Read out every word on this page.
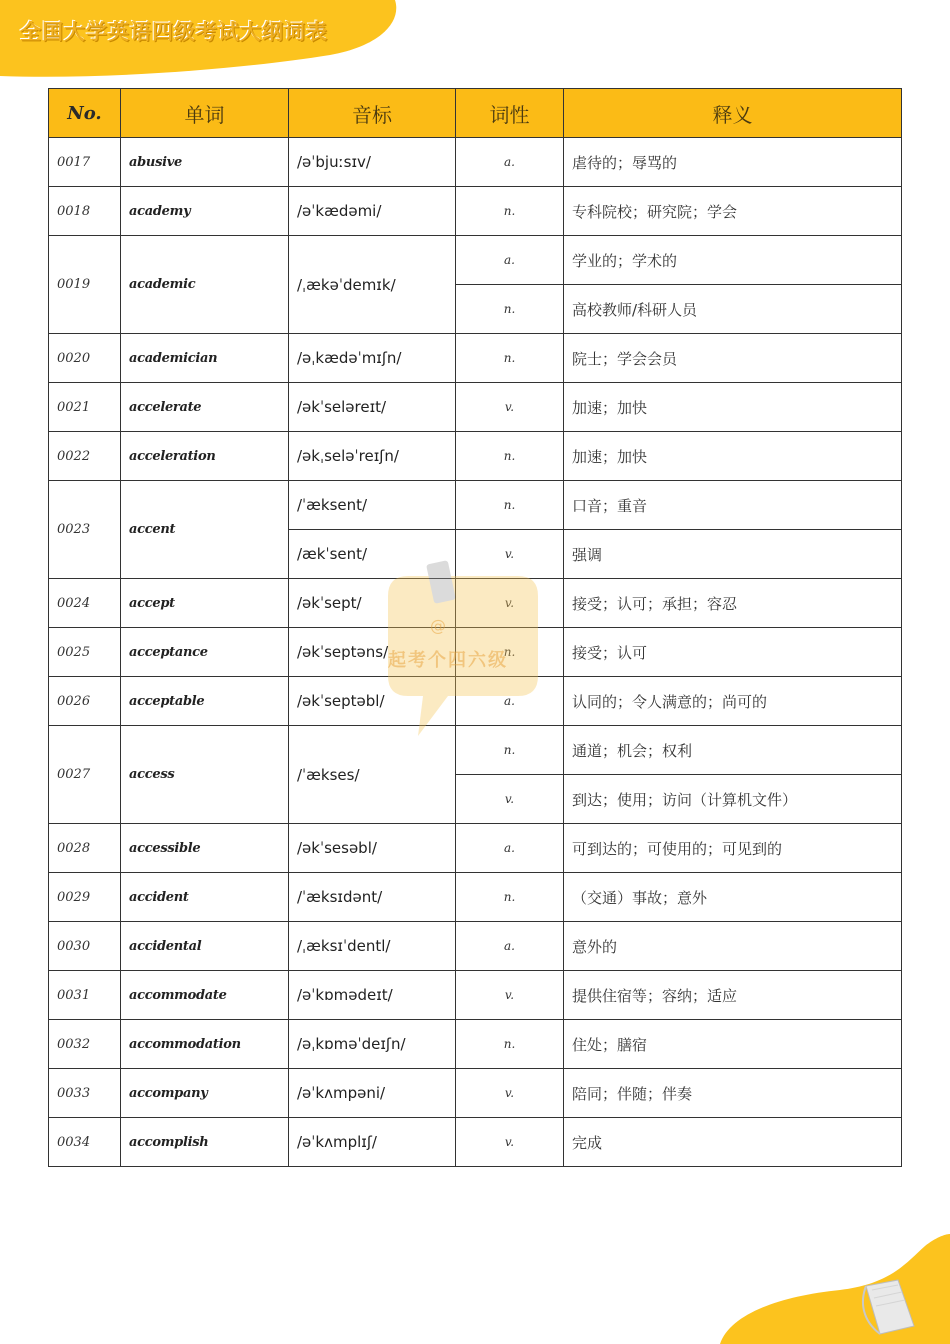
全国大学英语四级考试大纲词表
No.	单词	音标	词性	释义
0017	abusive	/əˈbjuːsɪv/	a.	虐待的；辱骂的
0018	academy	/əˈkædəmi/	n.	专科院校；研究院；学会
0019	academic	/ˌækəˈdemɪk/	a.	学业的；学术的
			n.	高校教师/科研人员
0020	academician	/əˌkædəˈmɪʃn/	n.	院士；学会会员
0021	accelerate	/əkˈseləreɪt/	v.	加速；加快
0022	acceleration	/əkˌseləˈreɪʃn/	n.	加速；加快
0023	accent	/ˈæksent/	n.	口音；重音
		/ækˈsent/	v.	强调
0024	accept	/əkˈsept/	v.	接受；认可；承担；容忍
0025	acceptance	/əkˈseptəns/	n.	接受；认可
0026	acceptable	/əkˈseptəbl/	a.	认同的；令人满意的；尚可的
0027	access	/ˈækses/	n.	通道；机会；权利
			v.	到达；使用；访问（计算机文件）
0028	accessible	/əkˈsesəbl/	a.	可到达的；可使用的；可见到的
0029	accident	/ˈæksɪdənt/	n.	（交通）事故；意外
0030	accidental	/ˌæksɪˈdentl/	a.	意外的
0031	accommodate	/əˈkɒmədeɪt/	v.	提供住宿等；容纳；适应
0032	accommodation	/əˌkɒməˈdeɪʃn/	n.	住处；膳宿
0033	accompany	/əˈkʌmpəni/	v.	陪同；伴随；伴奏
0034	accomplish	/əˈkʌmplɪʃ/	v.	完成
@
起考个四六级
